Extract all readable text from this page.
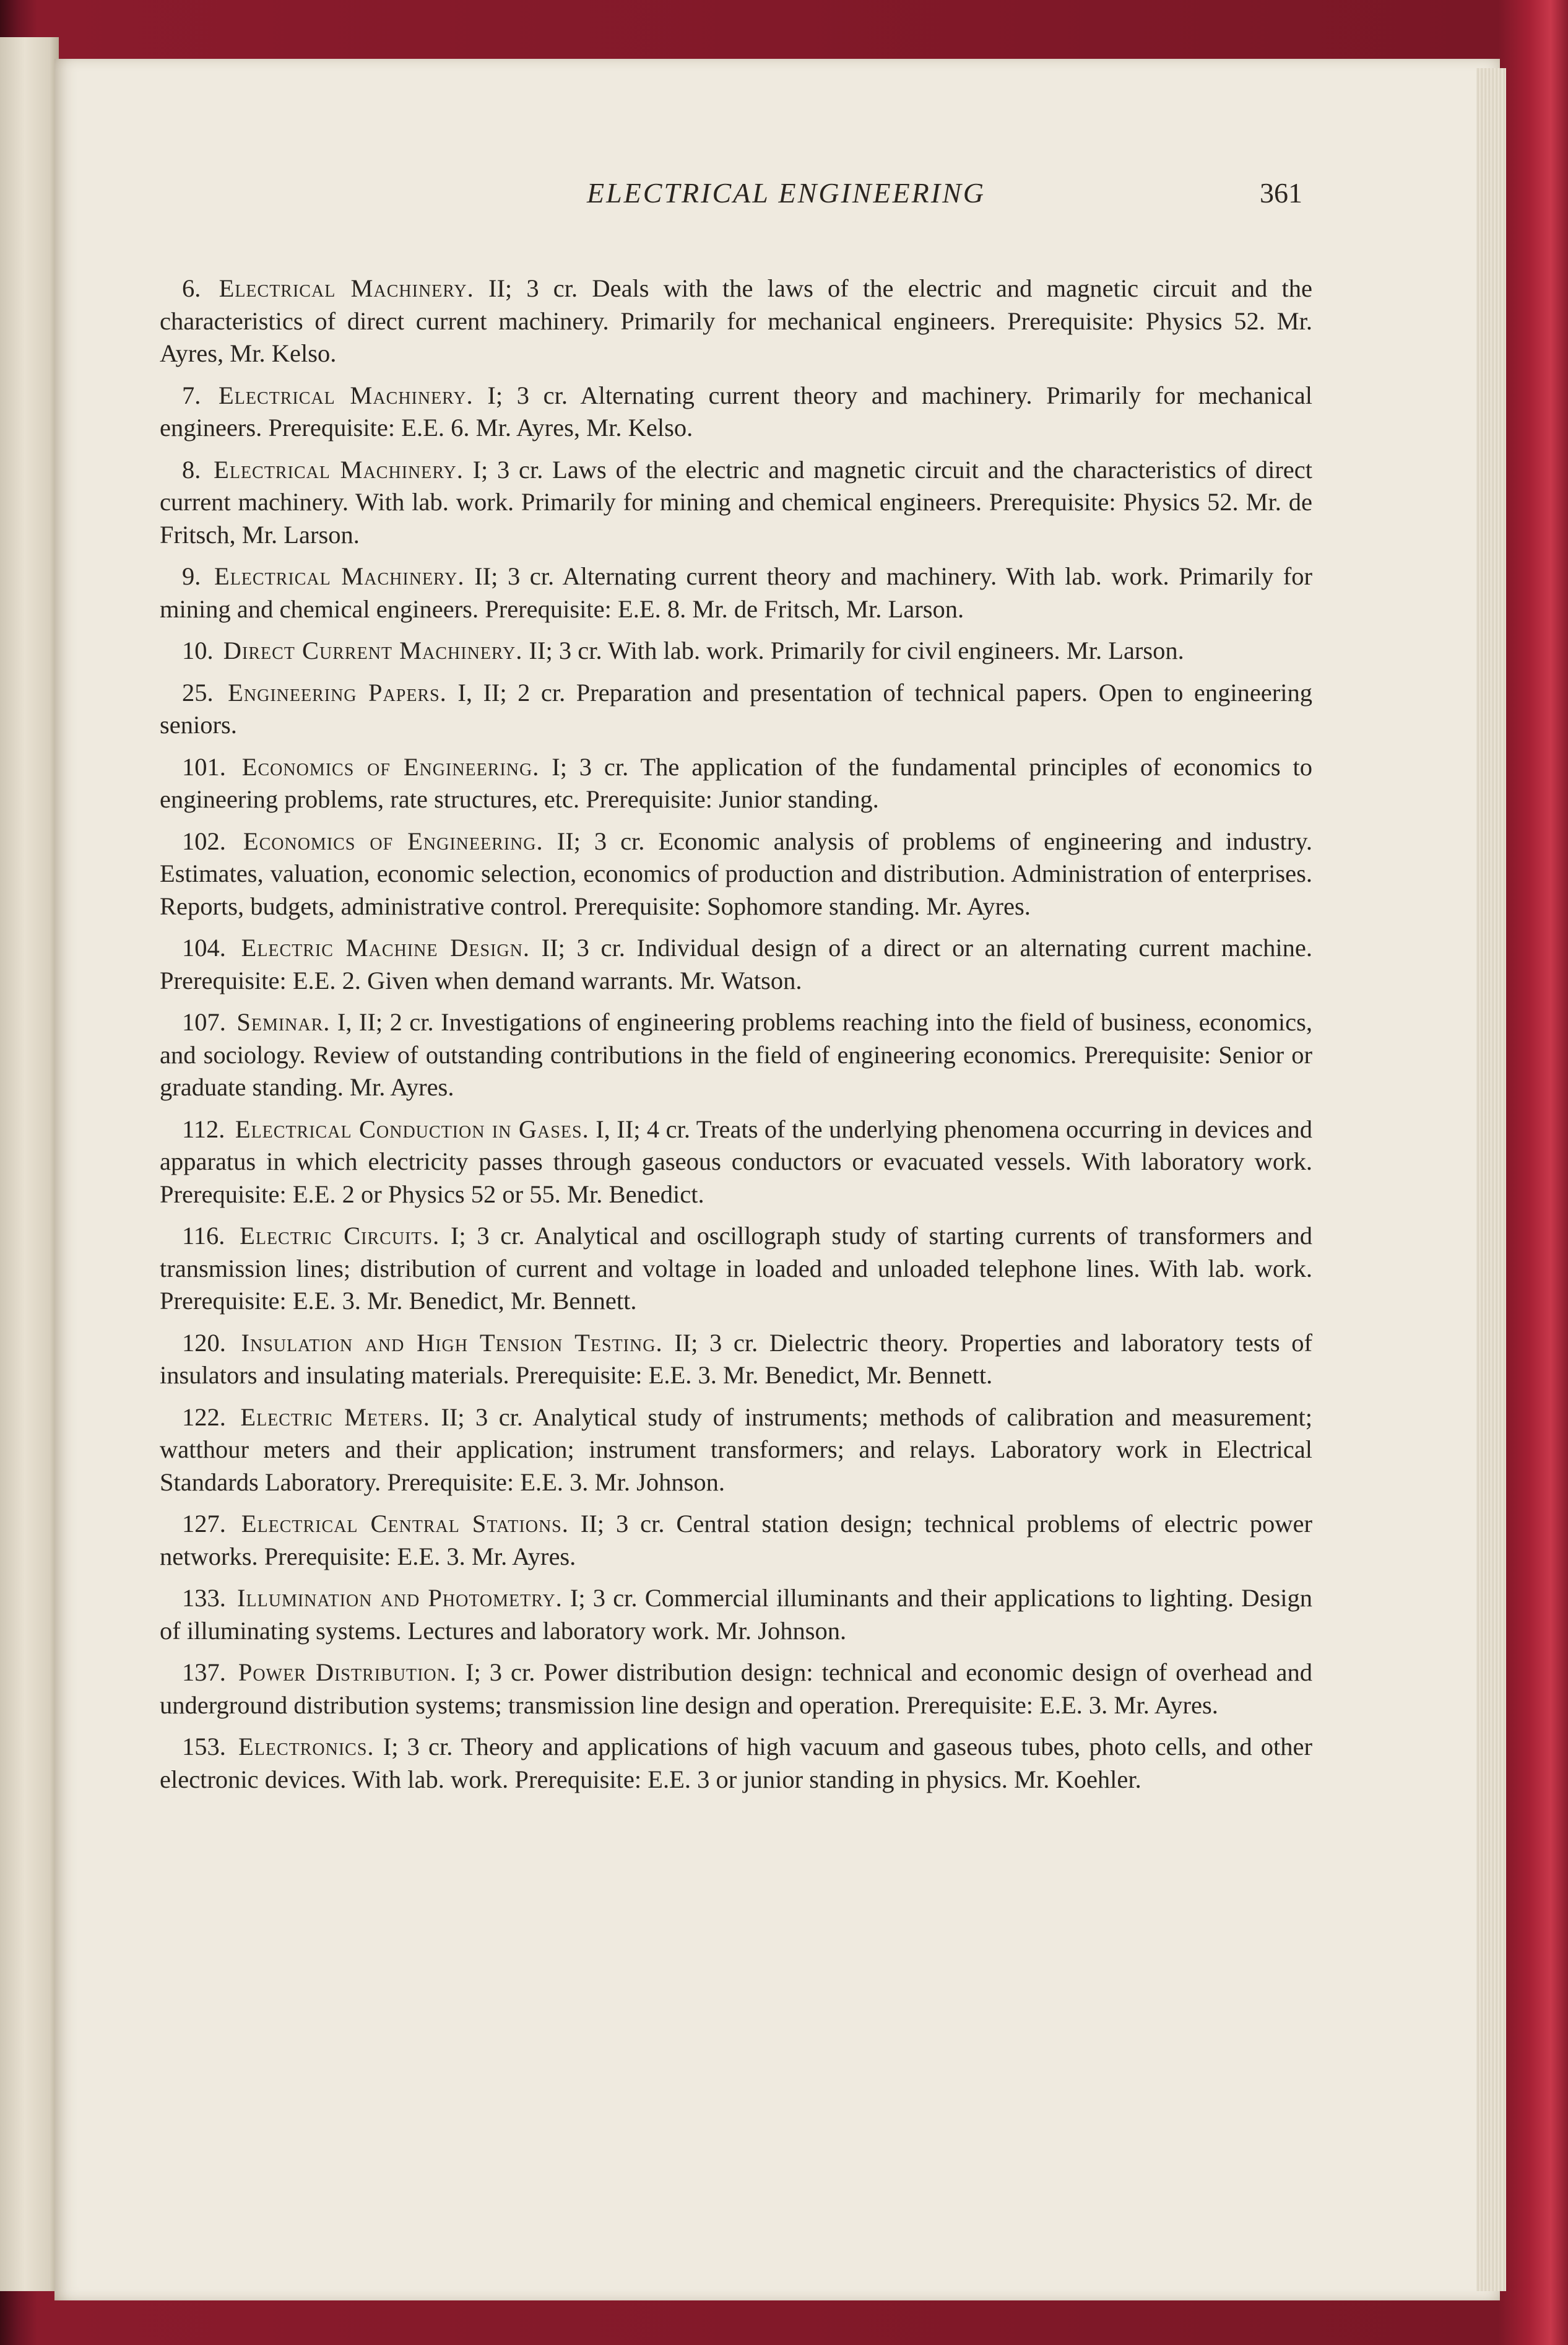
ELECTRICAL ENGINEERING	361

6. Electrical Machinery. II; 3 cr. Deals with the laws of the electric and magnetic circuit and the characteristics of direct current machinery. Primarily for mechanical engineers. Prerequisite: Physics 52. Mr. Ayres, Mr. Kelso.

7. Electrical Machinery. I; 3 cr. Alternating current theory and machinery. Primarily for mechanical engineers. Prerequisite: E.E. 6. Mr. Ayres, Mr. Kelso.

8. Electrical Machinery. I; 3 cr. Laws of the electric and magnetic circuit and the characteristics of direct current machinery. With lab. work. Primarily for mining and chemical engineers. Prerequisite: Physics 52. Mr. de Fritsch, Mr. Larson.

9. Electrical Machinery. II; 3 cr. Alternating current theory and machinery. With lab. work. Primarily for mining and chemical engineers. Prerequisite: E.E. 8. Mr. de Fritsch, Mr. Larson.

10. Direct Current Machinery. II; 3 cr. With lab. work. Primarily for civil engineers. Mr. Larson.

25. Engineering Papers. I, II; 2 cr. Preparation and presentation of technical papers. Open to engineering seniors.

101. Economics of Engineering. I; 3 cr. The application of the fundamental principles of economics to engineering problems, rate structures, etc. Prerequisite: Junior standing.

102. Economics of Engineering. II; 3 cr. Economic analysis of problems of engineering and industry. Estimates, valuation, economic selection, economics of production and distribution. Administration of enterprises. Reports, budgets, administrative control. Prerequisite: Sophomore standing. Mr. Ayres.

104. Electric Machine Design. II; 3 cr. Individual design of a direct or an alternating current machine. Prerequisite: E.E. 2. Given when demand warrants. Mr. Watson.

107. Seminar. I, II; 2 cr. Investigations of engineering problems reaching into the field of business, economics, and sociology. Review of outstanding contributions in the field of engineering economics. Prerequisite: Senior or graduate standing. Mr. Ayres.

112. Electrical Conduction in Gases. I, II; 4 cr. Treats of the underlying phenomena occurring in devices and apparatus in which electricity passes through gaseous conductors or evacuated vessels. With laboratory work. Prerequisite: E.E. 2 or Physics 52 or 55. Mr. Benedict.

116. Electric Circuits. I; 3 cr. Analytical and oscillograph study of starting currents of transformers and transmission lines; distribution of current and voltage in loaded and unloaded telephone lines. With lab. work. Prerequisite: E.E. 3. Mr. Benedict, Mr. Bennett.

120. Insulation and High Tension Testing. II; 3 cr. Dielectric theory. Properties and laboratory tests of insulators and insulating materials. Prerequisite: E.E. 3. Mr. Benedict, Mr. Bennett.

122. Electric Meters. II; 3 cr. Analytical study of instruments; methods of calibration and measurement; watthour meters and their application; instrument transformers; and relays. Laboratory work in Electrical Standards Laboratory. Prerequisite: E.E. 3. Mr. Johnson.

127. Electrical Central Stations. II; 3 cr. Central station design; technical problems of electric power networks. Prerequisite: E.E. 3. Mr. Ayres.

133. Illumination and Photometry. I; 3 cr. Commercial illuminants and their applications to lighting. Design of illuminating systems. Lectures and laboratory work. Mr. Johnson.

137. Power Distribution. I; 3 cr. Power distribution design: technical and economic design of overhead and underground distribution systems; transmission line design and operation. Prerequisite: E.E. 3. Mr. Ayres.

153. Electronics. I; 3 cr. Theory and applications of high vacuum and gaseous tubes, photo cells, and other electronic devices. With lab. work. Prerequisite: E.E. 3 or junior standing in physics. Mr. Koehler.
